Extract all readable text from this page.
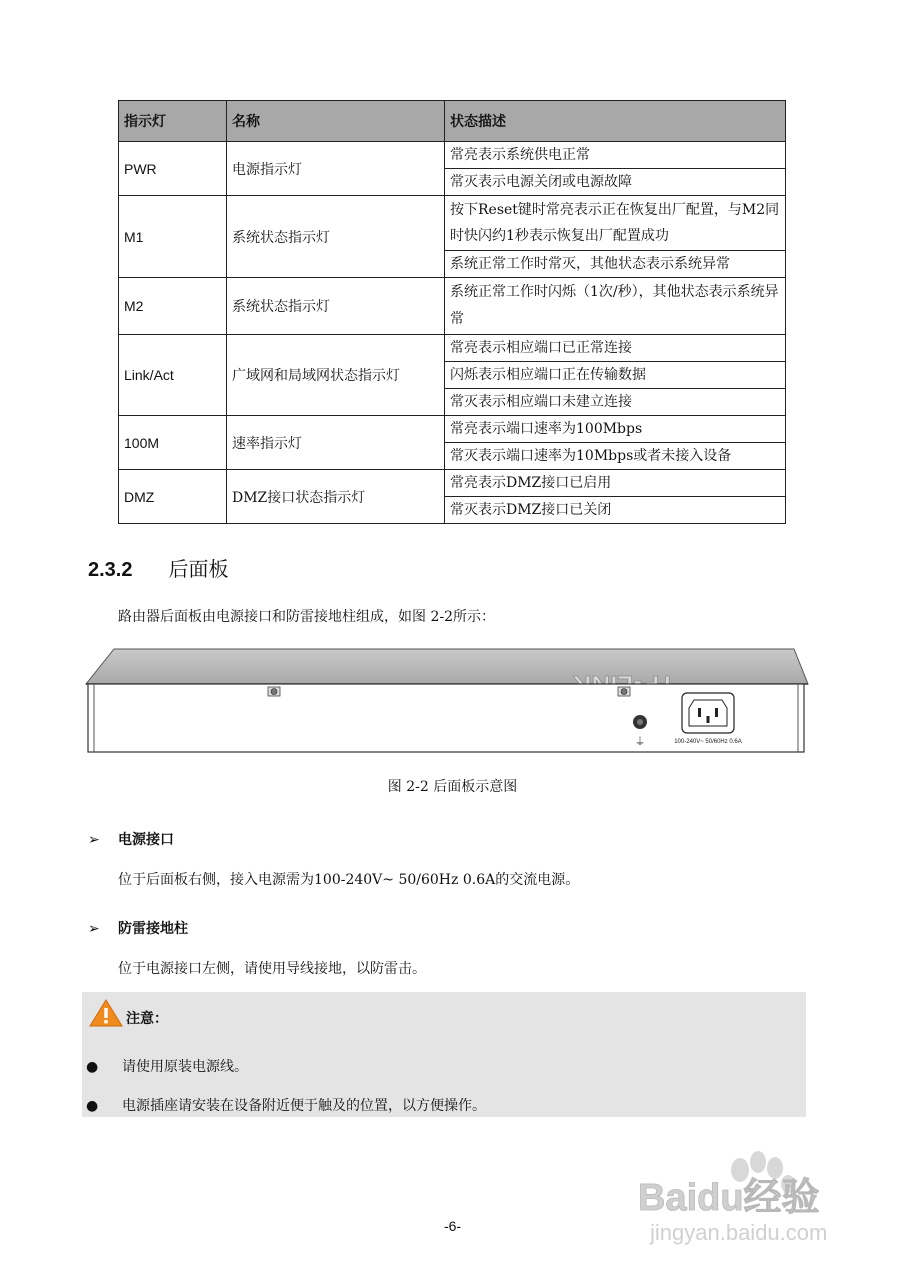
指示灯	名称	状态描述
PWR	电源指示灯	常亮表示系统供电正常
		常灭表示电源关闭或电源故障
M1	系统状态指示灯	按下Reset键时常亮表示正在恢复出厂配置，与M2同时快闪约1秒表示恢复出厂配置成功
		系统正常工作时常灭，其他状态表示系统异常
M2	系统状态指示灯	系统正常工作时闪烁（1次/秒），其他状态表示系统异常
Link/Act	广域网和局域网状态指示灯	常亮表示相应端口已正常连接
		闪烁表示相应端口正在传输数据
		常灭表示相应端口未建立连接
100M	速率指示灯	常亮表示端口速率为100Mbps
		常灭表示端口速率为10Mbps或者未接入设备
DMZ	DMZ接口状态指示灯	常亮表示DMZ接口已启用
		常灭表示DMZ接口已关闭
2.3.2 后面板

路由器后面板由电源接口和防雷接地柱组成，如图 2-2所示：

⏚	100-240V~ 50/60Hz 0.6A

图 2-2 后面板示意图

➢ 电源接口

位于后面板右侧，接入电源需为100-240V~ 50/60Hz 0.6A的交流电源。

➢ 防雷接地柱

位于电源接口左侧，请使用导线接地，以防雷击。

注意：

● 请使用原装电源线。

● 电源插座请安装在设备附近便于触及的位置，以方便操作。

Baidu经验
jingyan.baidu.com

-6-
